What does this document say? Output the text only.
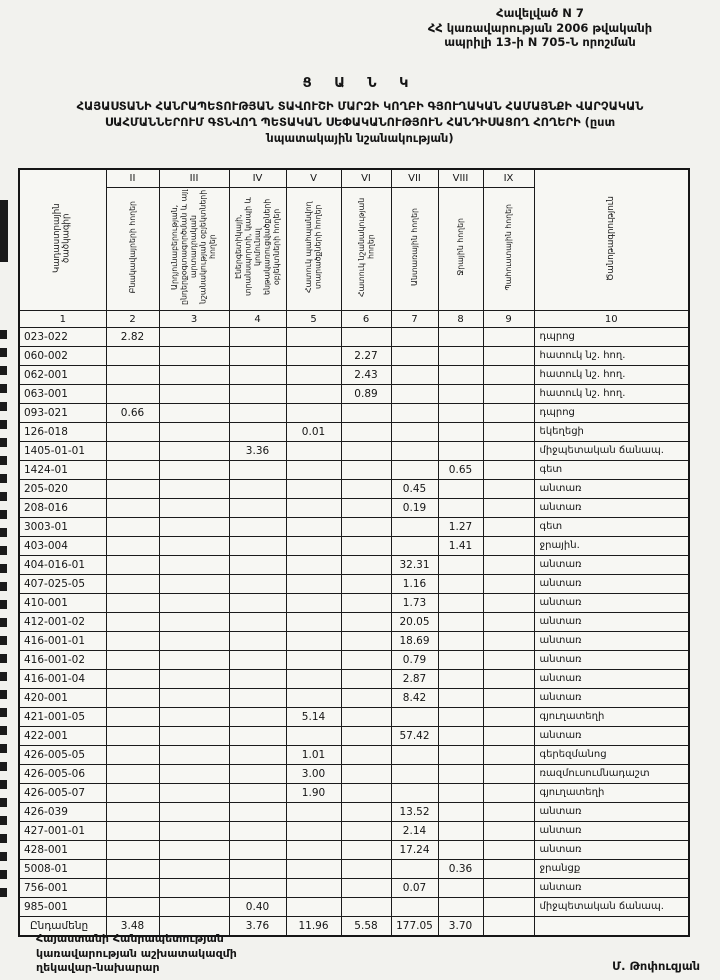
Հավելված N 7
ՀՀ կառավարության 2006 թվականի
ապրիլի 13-ի N 705-Ն որոշման
Ց Ա Ն Կ
ՀԱՅԱՍՏԱՆԻ ՀԱՆՐԱՊԵՏՈՒԹՅԱՆ ՏԱՎՈՒՇԻ ՄԱՐԶԻ ԿՈՂԲԻ ԳՅՈՒՂԱԿԱՆ ՀԱՄԱՅՆՔԻ ՎԱՐՉԱԿԱՆ
ՍԱՀՄԱՆՆԵՐՈՒՄ ԳՏՆՎՈՂ ՊԵՏԱԿԱՆ ՍԵՓԱԿԱՆՈՒԹՅՈՒՆ ՀԱՆԴԻՍԱՑՈՂ ՀՈՂԵՐԻ (ըստ
նպատակային նշանակության)
Կադաստրային ծածկագիր	II	III	IV	V	VI	VII	VIII	IX	Ծանոթագրություն
	Բնակավայրերի հողեր	Արդյունաբերության, ընդերքօգտագործման և այլ արտադրական նշանակության օբյեկտների հողեր	Էներգետիկայի, տրանսպորտի, կապի և կոմունալ ենթակառուցվածքների օբյեկտների հողեր	Հատուկ պահպանվող տարածքների հողեր	Հատուկ նշանակության հողեր	Անտառային հողեր	Ջրային հողեր	Պահուստային հողեր	
1	2	3	4	5	6	7	8	9	10
023-022	2.82								դպրոց
060-002					2.27				հատուկ նշ. հող.
062-001					2.43				հատուկ նշ. հող.
063-001					0.89				հատուկ նշ. հող.
093-021	0.66								դպրոց
126-018				0.01					եկեղեցի
1405-01-01			3.36						միջպետական ճանապ.
1424-01							0.65		գետ
205-020						0.45			անտառ
208-016						0.19			անտառ
3003-01							1.27		գետ
403-004							1.41		ջրային.
404-016-01						32.31			անտառ
407-025-05						1.16			անտառ
410-001						1.73			անտառ
412-001-02						20.05			անտառ
416-001-01						18.69			անտառ
416-001-02						0.79			անտառ
416-001-04						2.87			անտառ
420-001						8.42			անտառ
421-001-05				5.14					գյուղատեղի
422-001						57.42			անտառ
426-005-05				1.01					գերեզմանոց
426-005-06				3.00					ռազմուսումնադաշտ
426-005-07				1.90					գյուղատեղի
426-039						13.52			անտառ
427-001-01						2.14			անտառ
428-001						17.24			անտառ
5008-01							0.36		ջրանցք
756-001						0.07			անտառ
985-001			0.40						միջպետական ճանապ.
Ընդամենը	3.48		3.76	11.96	5.58	177.05	3.70		
Հայաստանի Հանրապետության
կառավարության աշխատակազմի
ղեկավար-նախարար	Մ. Թոփուզյան
